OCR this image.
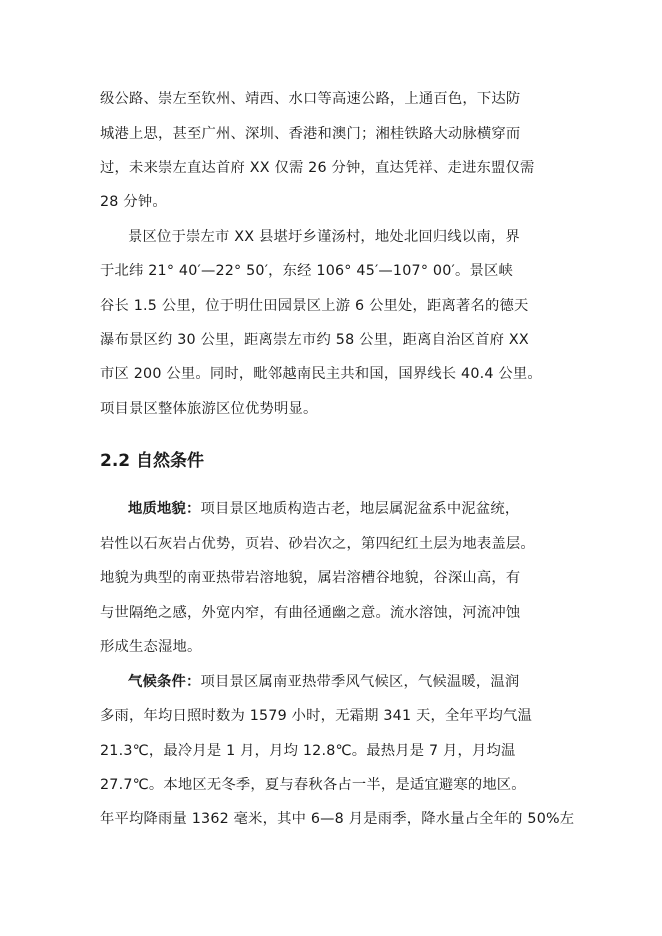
级公路、崇左至钦州、靖西、水口等高速公路，上通百色，下达防
城港上思，甚至广州、深圳、香港和澳门；湘桂铁路大动脉横穿而
过，未来崇左直达首府 XX 仅需 26 分钟，直达凭祥、走进东盟仅需
28 分钟。
景区位于崇左市 XX 县堪圩乡谨汤村，地处北回归线以南，界
于北纬 21° 40′—22° 50′，东经 106° 45′—107° 00′。景区峡
谷长 1.5 公里，位于明仕田园景区上游 6 公里处，距离著名的德天
瀑布景区约 30 公里，距离崇左市约 58 公里，距离自治区首府 XX
市区 200 公里。同时，毗邻越南民主共和国，国界线长 40.4 公里。
项目景区整体旅游区位优势明显。
2.2 自然条件
地质地貌：项目景区地质构造古老，地层属泥盆系中泥盆统，
岩性以石灰岩占优势，页岩、砂岩次之，第四纪红土层为地表盖层。
地貌为典型的南亚热带岩溶地貌，属岩溶槽谷地貌，谷深山高，有
与世隔绝之感，外宽内窄，有曲径通幽之意。流水溶蚀，河流冲蚀
形成生态湿地。
气候条件：项目景区属南亚热带季风气候区，气候温暖，温润
多雨，年均日照时数为 1579 小时，无霜期 341 天，全年平均气温
21.3℃，最冷月是 1 月，月均 12.8℃。最热月是 7 月，月均温
27.7℃。本地区无冬季，夏与春秋各占一半，是适宜避寒的地区。
年平均降雨量 1362 毫米，其中 6—8 月是雨季，降水量占全年的 50%左
